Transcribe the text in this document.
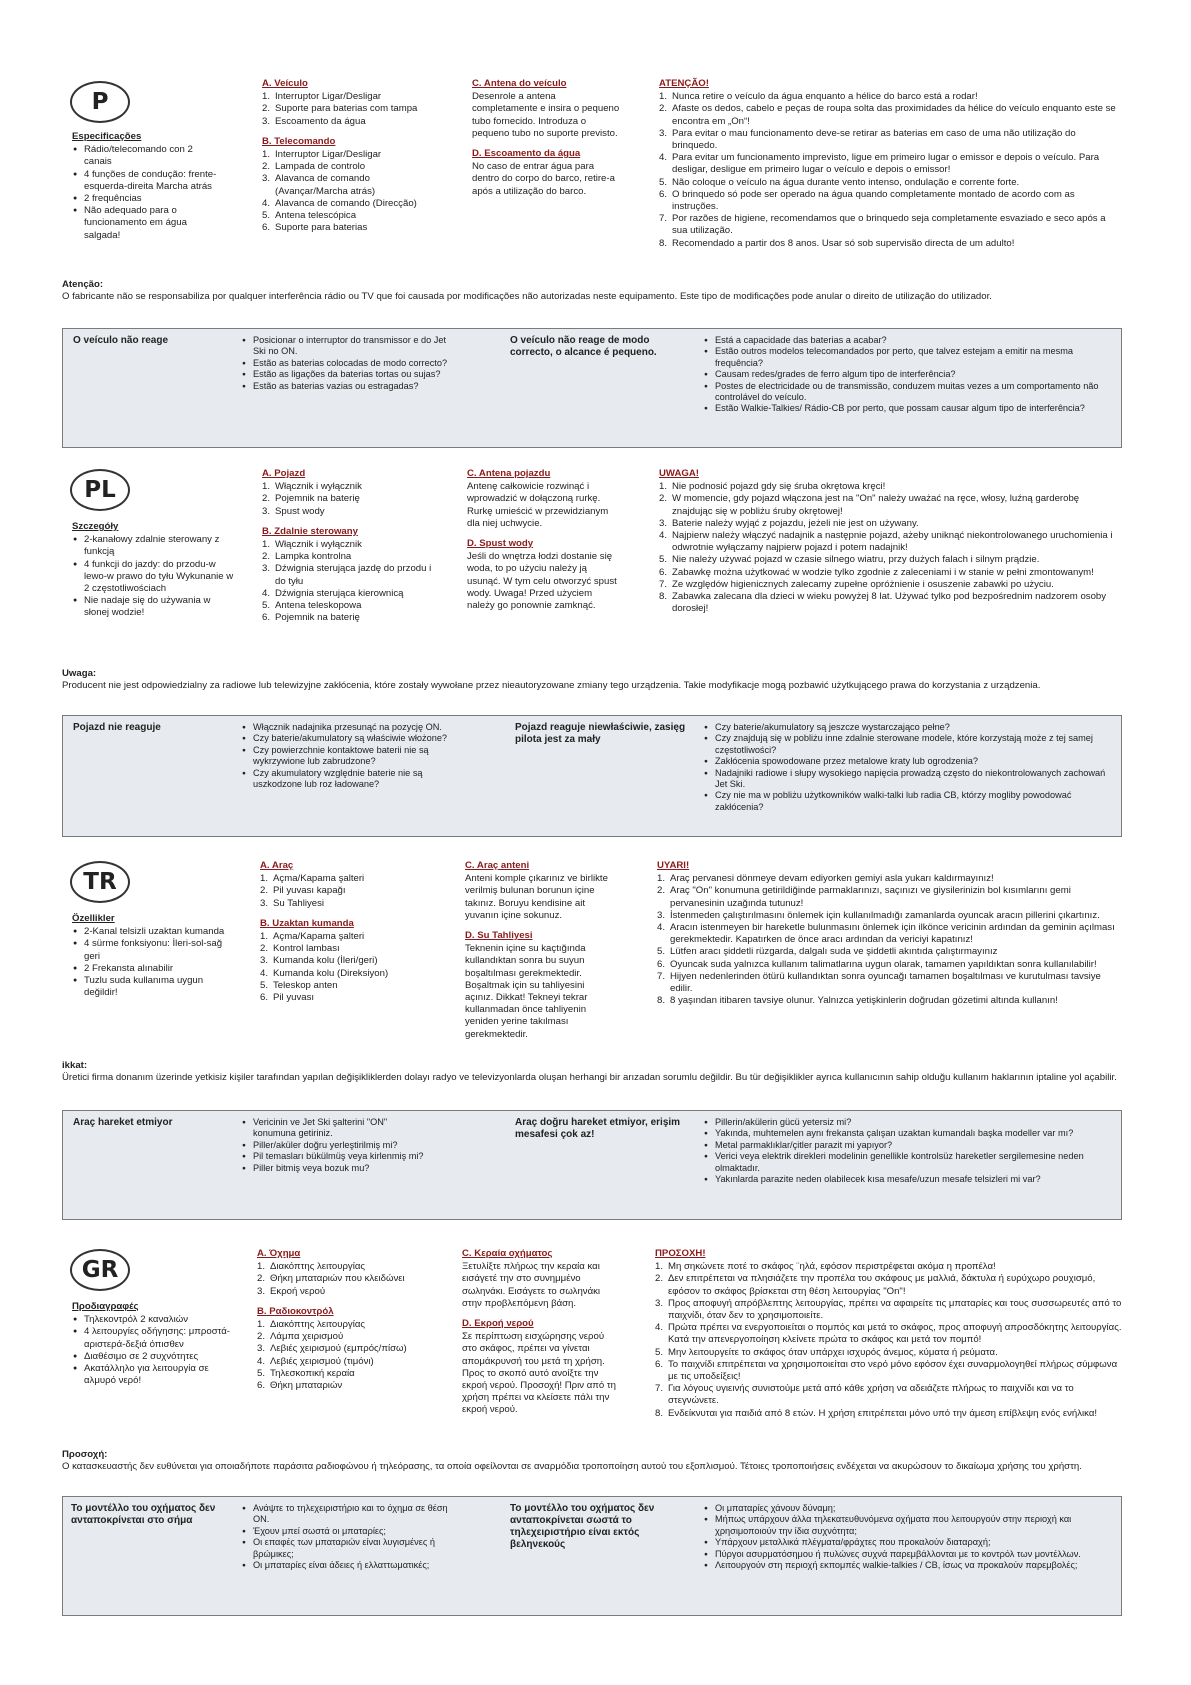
P
Especificações
● Rádio/telecomando con 2 canais
● 4 funções de condução: frente-esquerda-direita Marcha atrás
● 2 frequências
● Não adequado para o funcionamento em água salgada!
A. Veículo
1. Interruptor Ligar/Desligar
2. Suporte para baterias com tampa
3. Escoamento da água
B. Telecomando
1. Interruptor Ligar/Desligar
2. Lampada de controlo
3. Alavanca de comando (Avançar/Marcha atrás)
4. Alavanca de comando (Direcção)
5. Antena telescópica
6. Suporte para baterias
C. Antena do veículo
Desenrole a antena completamente e insira o pequeno tubo fornecido. Introduza o pequeno tubo no suporte previsto.
D. Escoamento da água
No caso de entrar água para dentro do corpo do barco, retire-a após a utilização do barco.
ATENÇÃO!
1. Nunca retire o veículo da água enquanto a hélice do barco está a rodar!
2. Afaste os dedos, cabelo e peças de roupa solta das proximidades da hélice do veículo enquanto este se encontra em „On“!
3. Para evitar o mau funcionamento deve-se retirar as baterias em caso de uma não utilização do brinquedo.
4. Para evitar um funcionamento imprevisto, ligue em primeiro lugar o emissor e depois o veículo. Para desligar, desligue em primeiro lugar o veículo e depois o emissor!
5. Não coloque o veículo na água durante vento intenso, ondulação e corrente forte.
6. O brinquedo só pode ser operado na água quando completamente montado de acordo com as instruções.
7. Por razões de higiene, recomendamos que o brinquedo seja completamente esvaziado e seco após a sua utilização.
8. Recomendado a partir dos 8 anos. Usar só sob supervisão directa de um adulto!
Atenção:
O fabricante não se responsabiliza por qualquer interferência rádio ou TV que foi causada por modificações não autorizadas neste equipamento. Este tipo de modificações pode anular o direito de utilização do utilizador.
O veículo não reage	● Posicionar o interruptor do transmissor e do Jet Ski no ON.
● Estão as baterias colocadas de modo correcto?
● Estão as ligações da baterias tortas ou sujas?
● Estão as baterias vazias ou estragadas?
O veículo não reage de modo correcto, o alcance é pequeno.
● Está a capacidade das baterias a acabar?
● Estão outros modelos telecomandados por perto, que talvez estejam a emitir na mesma frequência?
● Causam redes/grades de ferro algum tipo de interferência?
● Postes de electricidade ou de transmissão, conduzem muitas vezes a um comportamento não controlável do veículo.
● Estão Walkie-Talkies/ Rádio-CB por perto, que possam causar algum tipo de interferência?
PL
Szczegóły
● 2-kanałowy zdalnie sterowany z funkcją
● 4 funkcji do jazdy: do przodu-w lewo-w prawo do tyłu Wykunanie w 2 częstotliwościach
● Nie nadaje się do używania w słonej wodzie!
A. Pojazd
1. Włącznik i wyłącznik
2. Pojemnik na baterię
3. Spust wody
B. Zdalnie sterowany
1. Włącznik i wyłącznik
2. Lampka kontrolna
3. Dźwignia sterująca jazdę do przodu i do tyłu
4. Dźwignia sterująca kierownicą
5. Antena teleskopowa
6. Pojemnik na baterię
C. Antena pojazdu
Antenę całkowicie rozwinąć i wprowadzić w dołączoną rurkę. Rurkę umieścić w przewidzianym dla niej uchwycie.
D. Spust wody
Jeśli do wnętrza łodzi dostanie się woda, to po użyciu należy ją usunąć. W tym celu otworzyć spust wody. Uwaga! Przed użyciem należy go ponownie zamknąć.
UWAGA!
1. Nie podnosić pojazd gdy się śruba okrętowa kręci!
2. W momencie, gdy pojazd włączona jest na "On" należy uważać na ręce, włosy, luźną garderobę znajdując się w pobliżu śruby okrętowej!
3. Baterie należy wyjąć z pojazdu, jeżeli nie jest on używany.
4. Najpierw należy włączyć nadajnik a następnie pojazd, ażeby uniknąć niekontrolowanego uruchomienia i odwrotnie wyłączamy najpierw pojazd i potem nadajnik!
5. Nie należy używać pojazd w czasie silnego wiatru, przy dużych falach i silnym prądzie.
6. Zabawkę można użytkować w wodzie tylko zgodnie z zaleceniami i w stanie w pełni zmontowanym!
7. Ze względów higienicznych zalecamy zupełne opróżnienie i osuszenie zabawki po użyciu.
8. Zabawka zalecana dla dzieci w wieku powyżej 8 lat. Używać tylko pod bezpośrednim nadzorem osoby dorosłej!
Uwaga:
Producent nie jest odpowiedzialny za radiowe lub telewizyjne zakłócenia, które zostały wywołane przez nieautoryzowane zmiany tego urządzenia. Takie modyfikacje mogą pozbawić użytkującego prawa do korzystania z urządzenia.
Pojazd nie reaguje	● Włącznik nadajnika przesunąć na pozycję ON.
● Czy baterie/akumulatory są właściwie włożone?
● Czy powierzchnie kontaktowe baterii nie są wykrzywione lub zabrudzone?
● Czy akumulatory względnie baterie nie są uszkodzone lub roz ładowane?
Pojazd reaguje niewłaściwie, zasięg pilota jest za mały
● Czy baterie/akumulatory są jeszcze wystarczająco pełne?
● Czy znajdują się w pobliżu inne zdalnie sterowane modele, które korzystają może z tej samej częstotliwości?
● Zakłócenia spowodowane przez metalowe kraty lub ogrodzenia?
● Nadajniki radiowe i słupy wysokiego napięcia prowadzą często do niekontrolowanych zachowań Jet Ski.
● Czy nie ma w pobliżu użytkowników walki-talki lub radia CB, którzy mogliby powodować zakłócenia?
TR
Özellikler
● 2-Kanal telsizli uzaktan kumanda
● 4 sürme fonksiyonu: İleri-sol-sağ geri
● 2 Frekansta alınabilir
● Tuzlu suda kullanıma uygun değildir!
A. Araç
1. Açma/Kapama şalteri
2. Pil yuvası kapağı
3. Su Tahliyesi
B. Uzaktan kumanda
1. Açma/Kapama şalteri
2. Kontrol lambası
3. Kumanda kolu (İleri/geri)
4. Kumanda kolu (Direksiyon)
5. Teleskop anten
6. Pil yuvası
C. Araç anteni
Anteni komple çıkarınız ve birlikte verilmiş bulunan borunun içine takınız. Boruyu kendisine ait yuvanın içine sokunuz.
D. Su Tahliyesi
Teknenin içine su kaçtığında kullandıktan sonra bu suyun boşaltılması gerekmektedir. Boşaltmak için su tahliyesini açınız. Dikkat! Tekneyi tekrar kullanmadan önce tahliyenin yeniden yerine takılması gerekmektedir.
UYARI!
1. Araç pervanesi dönmeye devam ediyorken gemiyi asla yukarı kaldırmayınız!
2. Araç "On" konumuna getirildiğinde parmaklarınızı, saçınızı ve giysilerinizin bol kısımlarını gemi pervanesinin uzağında tutunuz!
3. İstenmeden çalıştırılmasını önlemek için kullanılmadığı zamanlarda oyuncak aracın pillerini çıkartınız.
4. Aracın istenmeyen bir hareketle bulunmasını önlemek için ilkönce vericinin ardından da geminin açılması gerekmektedir. Kapatırken de önce aracı ardından da vericiyi kapatınız!
5. Lütfen aracı şiddetli rüzgarda, dalgalı suda ve şiddetli akıntıda çalıştırmayınız
6. Oyuncak suda yalnızca kullanım talimatlarına uygun olarak, tamamen yapıldıktan sonra kullanılabilir!
7. Hijyen nedenlerinden ötürü kullandıktan sonra oyuncağı tamamen boşaltılması ve kurutulması tavsiye edilir.
8. 8 yaşından itibaren tavsiye olunur. Yalnızca yetişkinlerin doğrudan gözetimi altında kullanın!
ikkat:
Üretici firma donanım üzerinde yetkisiz kişiler tarafından yapılan değişikliklerden dolayı radyo ve televizyonlarda oluşan herhangi bir arızadan sorumlu değildir. Bu tür değişiklikler ayrıca kullanıcının sahip olduğu kullanım haklarının iptaline yol açabilir.
Araç hareket etmiyor	● Vericinin ve Jet Ski şalterini "ON" konumuna getiriniz.
● Piller/aküler doğru yerleştirilmiş mi?
● Pil temasları bükülmüş veya kirlenmiş mi?
● Piller bitmiş veya bozuk mu?
Araç doğru hareket etmiyor, erişim mesafesi çok az!
● Pillerin/akülerin gücü yetersiz mi?
● Yakında, muhtemelen aynı frekansta çalışan uzaktan kumandalı başka modeller var mı?
● Metal parmaklıklar/çitler parazit mi yapıyor?
● Verici veya elektrik direkleri modelinin genellikle kontrolsüz hareketler sergilemesine neden olmaktadır.
● Yakınlarda parazite neden olabilecek kısa mesafe/uzun mesafe telsizleri mi var?
GR
Προδιαγραφές
● Τηλεκοντρόλ 2 καναλιών
● 4 λειτουργίες οδήγησης: μπροστά-αριστερά-δεξιά όπισθεν
● Διαθέσιμο σε 2 συχνότητες
● Ακατάλληλο για λειτουργία σε αλμυρό νερό!
A. Όχημα
1. Διακόπτης λειτουργίας
2. Θήκη μπαταριών που κλειδώνει
3. Εκροή νερού
B. Ραδιοκοντρόλ
1. Διακόπτης λειτουργίας
2. Λάμπα χειρισμού
3. Λεβιές χειρισμού (εμπρός/πίσω)
4. Λεβιές χειρισμού (τιμόνι)
5. Τηλεσκοπική κεραία
6. Θήκη μπαταριών
C. Κεραία οχήματος
Ξετυλίξτε πλήρως την κεραία και εισάγετέ την στο συνημμένο σωληνάκι. Εισάγετε το σωληνάκι στην προβλεπόμενη βάση.
D. Εκροή νερού
Σε περίπτωση εισχώρησης νερού στο σκάφος, πρέπει να γίνεται απομάκρυνσή του μετά τη χρήση. Προς το σκοπό αυτό ανοίξτε την εκροή νερού. Προσοχή! Πριν από τη χρήση πρέπει να κλείσετε πάλι την εκροή νερού.
ΠΡΟΣΟΧΗ!
1. Μη σηκώνετε ποτέ το σκάφος ¨ηλά, εφόσον περιστρέφεται ακόμα η προπέλα!
2. Δεν επιτρέπεται να πλησιάζετε την προπέλα του σκάφους με μαλλιά, δάκτυλα ή ευρύχωρο ρουχισμό, εφόσον το σκάφος βρίσκεται στη θέση λειτουργίας "On"!
3. Προς αποφυγή απρόβλεπτης λειτουργίας, πρέπει να αφαιρείτε τις μπαταρίες και τους συσσωρευτές από το παιχνίδι, όταν δεν το χρησιμοποιείτε.
4. Πρώτα πρέπει να ενεργοποιείται ο πομπός και μετά το σκάφος, προς αποφυγή απροσδόκητης λειτουργίας. Κατά την απενεργοποίηση κλείνετε πρώτα το σκάφος και μετά τον πομπό!
5. Μην λειτουργείτε το σκάφος όταν υπάρχει ισχυρός άνεμος, κύματα ή ρεύματα.
6. Το παιχνίδι επιτρέπεται να χρησιμοποιείται στο νερό μόνο εφόσον έχει συναρμολογηθεί πλήρως σύμφωνα με τις υποδείξεις!
7. Για λόγους υγιεινής συνιστούμε μετά από κάθε χρήση να αδειάζετε πλήρως το παιχνίδι και να το στεγνώνετε.
8. Ενδείκνυται για παιδιά από 8 ετών. Η χρήση επιτρέπεται μόνο υπό την άμεση επίβλεψη ενός ενήλικα!
Προσοχή:
Ο κατασκευαστής δεν ευθύνεται για οποιαδήποτε παράσιτα ραδιοφώνου ή τηλεόρασης, τα οποία οφείλονται σε αναρμόδια τροποποίηση αυτού του εξοπλισμού. Τέτοιες τροποποιήσεις ενδέχεται να ακυρώσουν το δικαίωμα χρήσης του χρήστη.
Το μοντέλλο του οχήματος δεν ανταποκρίνεται στο σήμα
● Ανάψτε το τηλεχειριστήριο και το όχημα σε θέση ON.
● Έχουν μπεί σωστά οι μπαταρίες;
● Οι επαφές των μπαταριών είναι λυγισμένες ή βρώμικες;
● Οι μπαταρίες είναι άδειες ή ελλαττωματικές;
Το μοντέλλο του οχήματος δεν ανταποκρίνεται σωστά το τηλεχειριστήριο είναι εκτός βεληνεκούς
● Οι μπαταρίες χάνουν δύναμη;
● Μήπως υπάρχουν άλλα τηλεκατευθυνόμενα οχήματα που λειτουργούν στην περιοχή και χρησιμοποιούν την ίδια συχνότητα;
● Υπάρχουν μεταλλικά πλέγματα/φράχτες που προκαλούν διαταραχή;
● Πύργοι ασυρματόσημου ή πυλώνες συχνά παρεμβάλλονται με το κοντρόλ των μοντέλλων.
● Λειτουργούν στη περιοχή εκπομπές walkie-talkies / CB, ίσως να προκαλούν παρεμβολές;
